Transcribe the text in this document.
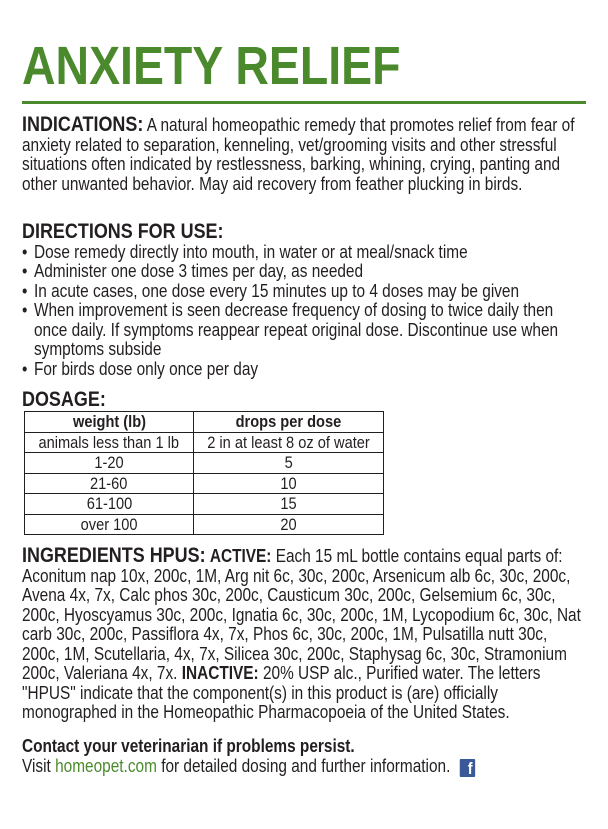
ANXIETY RELIEF
INDICATIONS: A natural homeopathic remedy that promotes relief from fear of anxiety related to separation, kenneling, vet/grooming visits and other stressful situations often indicated by restlessness, barking, whining, crying, panting and other unwanted behavior. May aid recovery from feather plucking in birds.
DIRECTIONS FOR USE:
• Dose remedy directly into mouth, in water or at meal/snack time
• Administer one dose 3 times per day, as needed
• In acute cases, one dose every 15 minutes up to 4 doses may be given
• When improvement is seen decrease frequency of dosing to twice daily then once daily. If symptoms reappear repeat original dose. Discontinue use when symptoms subside
• For birds dose only once per day
DOSAGE:
weight (lb)	drops per dose
animals less than 1 lb	2 in at least 8 oz of water
1-20	5
21-60	10
61-100	15
over 100	20
INGREDIENTS HPUS: ACTIVE: Each 15 mL bottle contains equal parts of: Aconitum nap 10x, 200c, 1M, Arg nit 6c, 30c, 200c, Arsenicum alb 6c, 30c, 200c, Avena 4x, 7x, Calc phos 30c, 200c, Causticum 30c, 200c, Gelsemium 6c, 30c, 200c, Hyoscyamus 30c, 200c, Ignatia 6c, 30c, 200c, 1M, Lycopodium 6c, 30c, Nat carb 30c, 200c, Passiflora 4x, 7x, Phos 6c, 30c, 200c, 1M, Pulsatilla nutt 30c, 200c, 1M, Scutellaria, 4x, 7x, Silicea 30c, 200c, Staphysag 6c, 30c, Stramonium 200c, Valeriana 4x, 7x. INACTIVE: 20% USP alc., Purified water. The letters "HPUS" indicate that the component(s) in this product is (are) officially monographed in the Homeopathic Pharmacopoeia of the United States.
Contact your veterinarian if problems persist.
Visit homeopet.com for detailed dosing and further information. f
